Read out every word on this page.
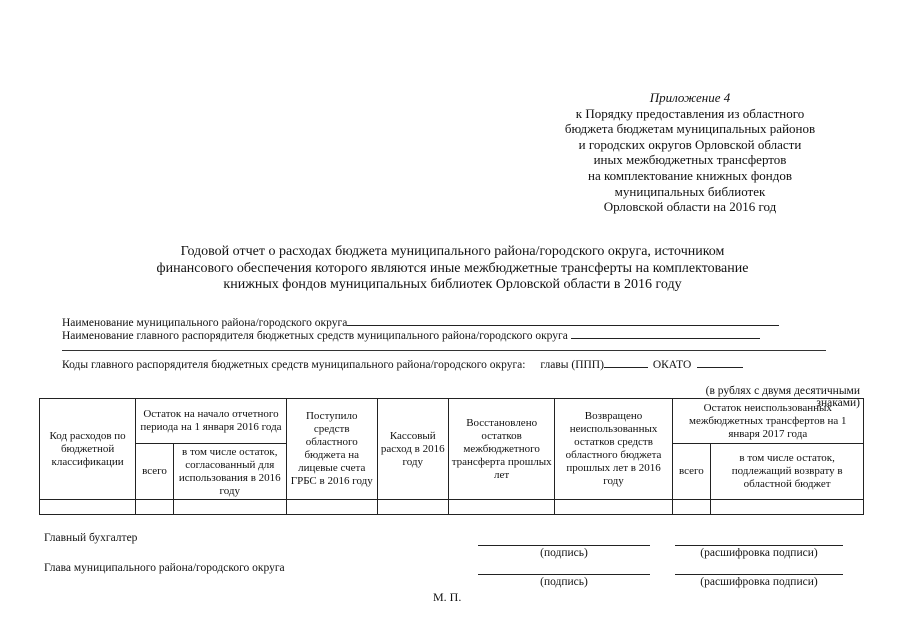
Приложение 4
к Порядку предоставления из областного
бюджета бюджетам муниципальных районов
и городских округов Орловской области
иных межбюджетных трансфертов
на комплектование книжных фондов
муниципальных библиотек
Орловской области на 2016 год
Годовой отчет о расходах бюджета муниципального района/городского округа, источником
финансового обеспечения которого являются иные межбюджетные трансферты на комплектование
книжных фондов муниципальных библиотек Орловской области в 2016 году
Наименование муниципального района/городского округа
Наименование главного распорядителя бюджетных средств муниципального района/городского округа
Коды главного распорядителя бюджетных средств муниципального района/городского округа: главы (ППП)	ОКАТО
(в рублях с двумя десятичными знаками)
Код расходов по бюджетной классификации	Остаток на начало отчетного периода на 1 января 2016 года		Поступило средств областного бюджета на лицевые счета ГРБС в 2016 году	Кассовый расход в 2016 году	Восстановлено остатков межбюджетного трансферта прошлых лет	Возвращено неиспользованных остатков средств областного бюджета прошлых лет в 2016 году	Остаток неиспользованных межбюджетных трансфертов на 1 января 2017 года	
	всего	в том числе остаток, согласованный для использования в 2016 году					всего	в том числе остаток, подлежащий возврату в областной бюджет

Главный бухгалтер
(подпись)	(расшифровка подписи)
Глава муниципального района/городского округа
(подпись)	(расшифровка подписи)
М. П.
